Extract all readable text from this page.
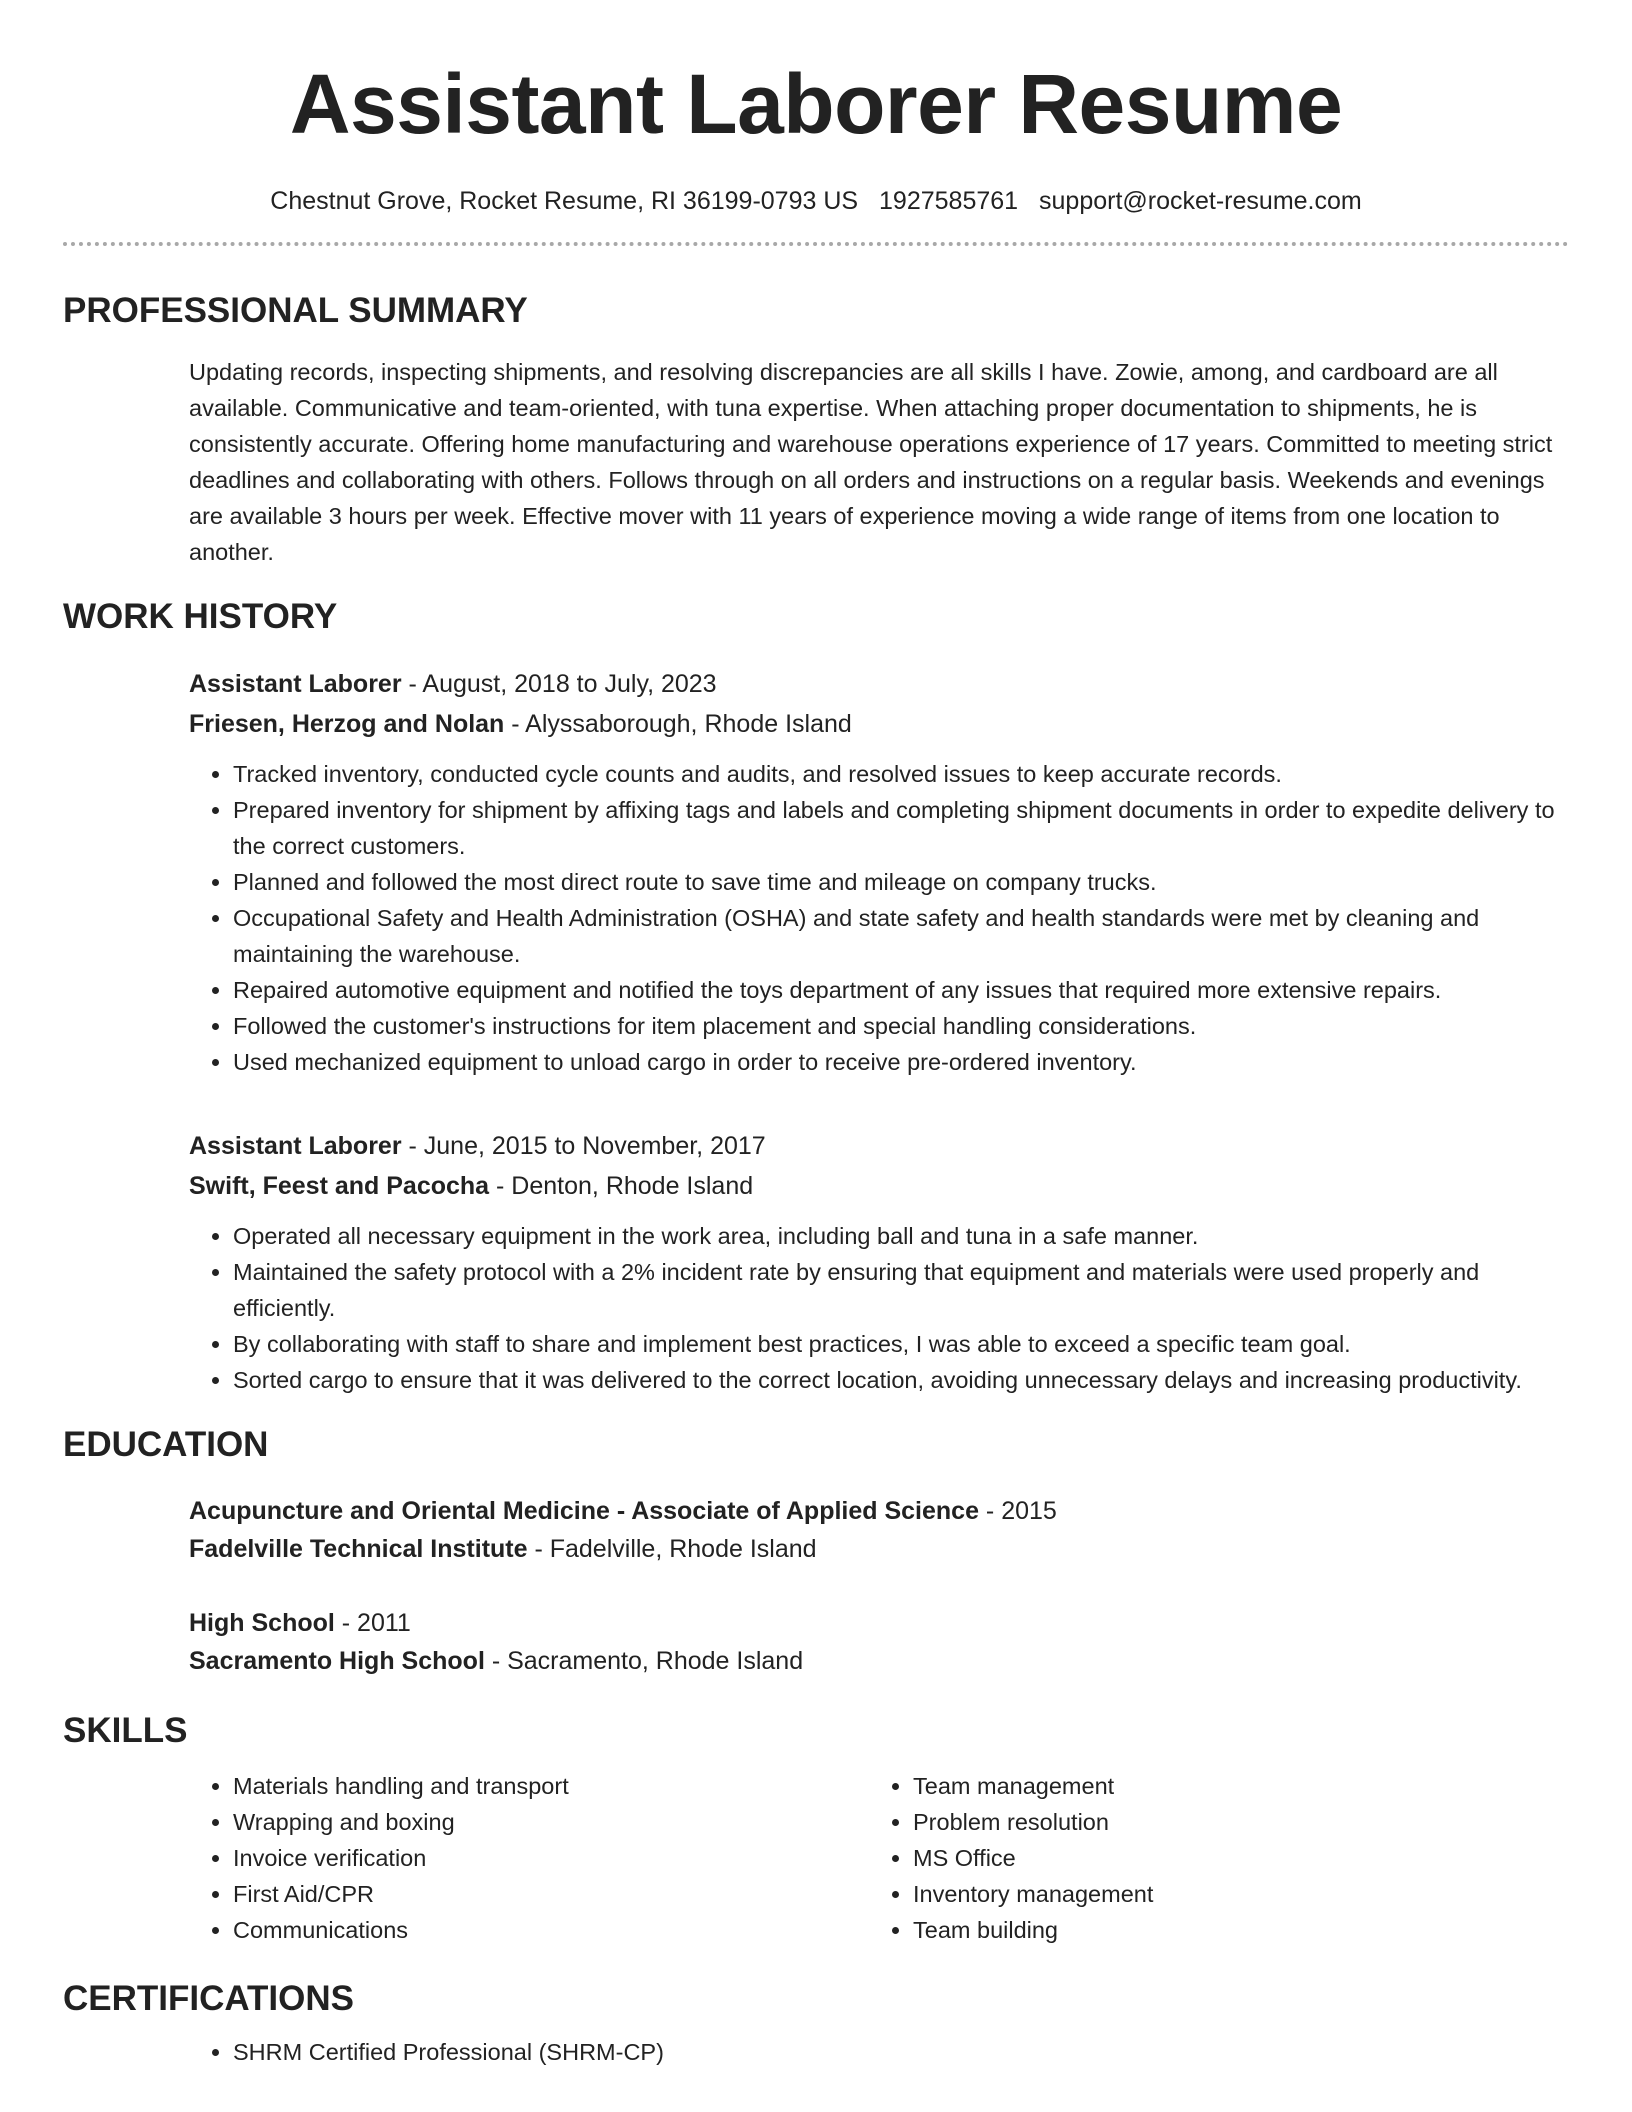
Assistant Laborer Resume
Chestnut Grove, Rocket Resume, RI 36199-0793 US 1927585761 support@rocket-resume.com
PROFESSIONAL SUMMARY
Updating records, inspecting shipments, and resolving discrepancies are all skills I have. Zowie, among, and cardboard are all available. Communicative and team-oriented, with tuna expertise. When attaching proper documentation to shipments, he is consistently accurate. Offering home manufacturing and warehouse operations experience of 17 years. Committed to meeting strict deadlines and collaborating with others. Follows through on all orders and instructions on a regular basis. Weekends and evenings are available 3 hours per week. Effective mover with 11 years of experience moving a wide range of items from one location to another.
WORK HISTORY
Assistant Laborer - August, 2018 to July, 2023
Friesen, Herzog and Nolan - Alyssaborough, Rhode Island
• Tracked inventory, conducted cycle counts and audits, and resolved issues to keep accurate records.
• Prepared inventory for shipment by affixing tags and labels and completing shipment documents in order to expedite delivery to the correct customers.
• Planned and followed the most direct route to save time and mileage on company trucks.
• Occupational Safety and Health Administration (OSHA) and state safety and health standards were met by cleaning and maintaining the warehouse.
• Repaired automotive equipment and notified the toys department of any issues that required more extensive repairs.
• Followed the customer's instructions for item placement and special handling considerations.
• Used mechanized equipment to unload cargo in order to receive pre-ordered inventory.
Assistant Laborer - June, 2015 to November, 2017
Swift, Feest and Pacocha - Denton, Rhode Island
• Operated all necessary equipment in the work area, including ball and tuna in a safe manner.
• Maintained the safety protocol with a 2% incident rate by ensuring that equipment and materials were used properly and efficiently.
• By collaborating with staff to share and implement best practices, I was able to exceed a specific team goal.
• Sorted cargo to ensure that it was delivered to the correct location, avoiding unnecessary delays and increasing productivity.
EDUCATION
Acupuncture and Oriental Medicine - Associate of Applied Science - 2015
Fadelville Technical Institute - Fadelville, Rhode Island
High School - 2011
Sacramento High School - Sacramento, Rhode Island
SKILLS
• Materials handling and transport
• Wrapping and boxing
• Invoice verification
• First Aid/CPR
• Communications
• Team management
• Problem resolution
• MS Office
• Inventory management
• Team building
CERTIFICATIONS
• SHRM Certified Professional (SHRM-CP)
